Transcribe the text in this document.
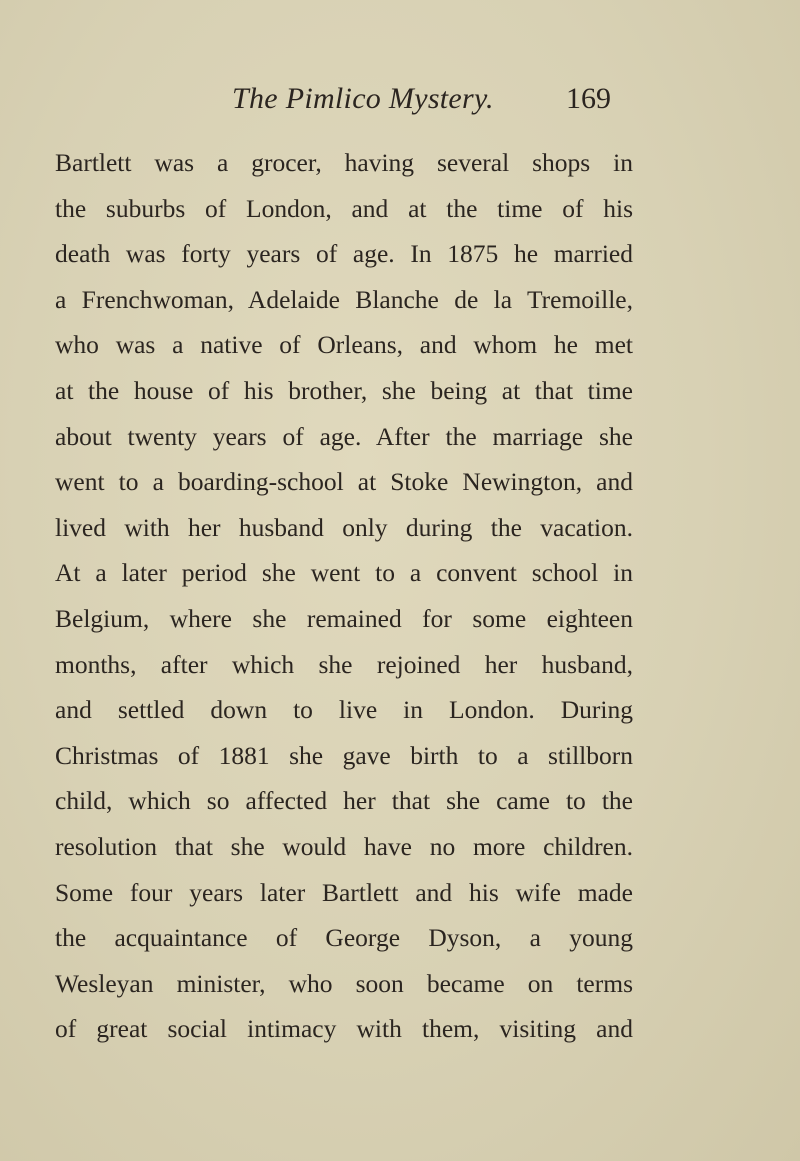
The Pimlico Mystery. 169
Bartlett was a grocer, having several shops in
the suburbs of London, and at the time of his
death was forty years of age. In 1875 he married
a Frenchwoman, Adelaide Blanche de la Tremoille,
who was a native of Orleans, and whom he met
at the house of his brother, she being at that time
about twenty years of age. After the marriage she
went to a boarding-school at Stoke Newington, and
lived with her husband only during the vacation.
At a later period she went to a convent school in
Belgium, where she remained for some eighteen
months, after which she rejoined her husband,
and settled down to live in London. During
Christmas of 1881 she gave birth to a stillborn
child, which so affected her that she came to the
resolution that she would have no more children.
Some four years later Bartlett and his wife made
the acquaintance of George Dyson, a young
Wesleyan minister, who soon became on terms
of great social intimacy with them, visiting and
